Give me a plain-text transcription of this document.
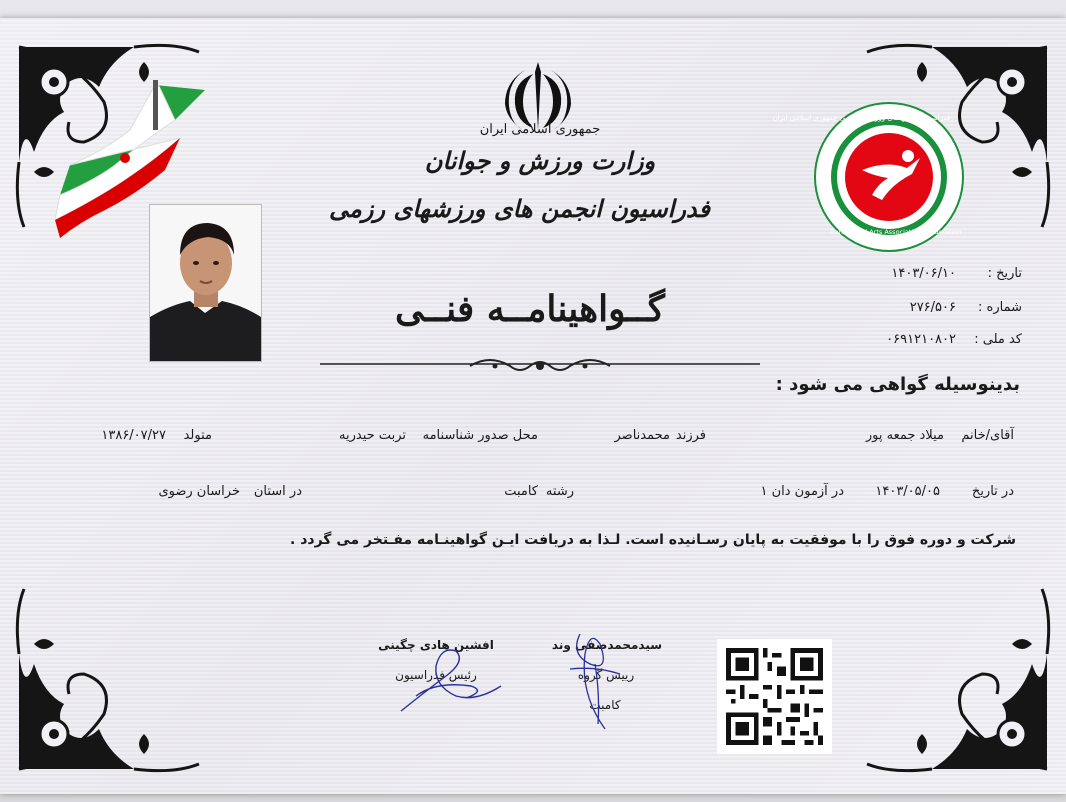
جمهوری اسلامی ایران
وزارت ورزش و جوانان
فدراسیون انجمن های ورزشهای رزمی
فدراسیون انجمن های ورزشهای رزمی جمهوری اسلامی ایران
Iran Martial Arts Associations Federation
تاریخ :
۱۴۰۳/۰۶/۱۰
شماره :
۲۷۶/۵۰۶
کد ملی :
۰۶۹۱۲۱۰۸۰۲
گــواهینامــه فنــی
بدینوسیله گواهی می شود :
آقای/خانم
میلاد جمعه پور
فرزند
محمدناصر
محل صدور شناسنامه
تربت حیدریه
متولد
۱۳۸۶/۰۷/۲۷
در تاریخ
۱۴۰۳/۰۵/۰۵
در آزمون دان ۱
رشته
کامبت
در استان
خراسان رضوی
شرکت و دوره فوق را با موفقیت به پایان رسـانیده است. لـذا به دریافت ایـن گواهینـامه مفـتخر می گردد .
افشین هادی چگینی
رئیس فدراسیون
سیدمحمدصفی وند
رییس گروه
کامبت
